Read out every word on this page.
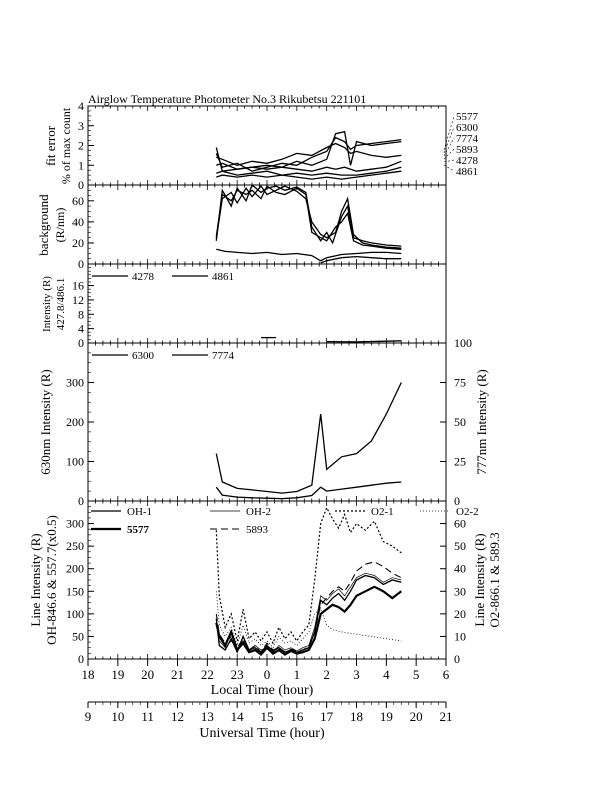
Airglow Temperature Photometer No.3 Rikubetsu 221101
18 19 20 21 22 23 0 1 2 3 4 5 6
9 10 11 12 13 14 15 16 17 18 19 20 21
0
1
2
3
4
0
20
40
60
0
4
8
12
16
0
100
200
300
0
25
50
75
100
0
50
100
150
200
250
300
0
10
20
30
40
50
60
5577
6300
7774
5893
4278
4861
4278	4861
6300	7774
OH-1	OH-2	O2-1	O2-2
5577	5893
fit error % of max count
background (R/nm)
Intensity (R) 427.8/486.1
630nm Intensity (R)	777nm Intensity (R)
Line Intensity (R) OH-846.6 & 557.7(x0.5)	Line Intensity (R) O2-866.1 & 589.3
Local Time (hour)
Universal Time (hour)
